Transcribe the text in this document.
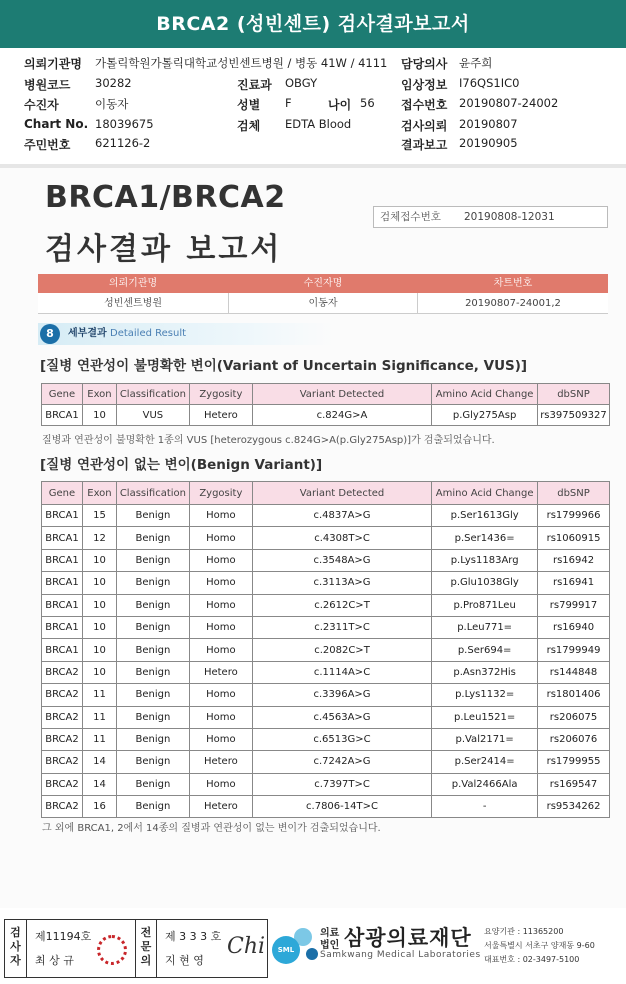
BRCA2 (성빈센트) 검사결과보고서
의뢰기관명 가톨릭학원가톨릭대학교성빈센트병원 / 병동 41W / 4111 담당의사 윤주희
병원코드 30282	진료과 OBGY	임상정보 I76QS1IC0
수진자	이동자	성별 F	나이 56 접수번호 20190807-24002
Chart No. 18039675	검체 EDTA Blood	검사의뢰 20190807
주민번호 621126-2	결과보고 20190905
BRCA1/BRCA2
검사결과 보고서
검체접수번호 20190808-12031
의뢰기관명	수진자명	차트번호
성빈센트병원	이동자	20190807-24001,2
8	세부결과 Detailed Result
[질병 연관성이 불명확한 변이(Variant of Uncertain Significance, VUS)]
Gene	Exon	Classification	Zygosity	Variant Detected	Amino Acid Change	dbSNP
BRCA1	10	VUS	Hetero	c.824G>A	p.Gly275Asp	rs397509327
질병과 연관성이 불명확한 1종의 VUS [heterozygous c.824G>A(p.Gly275Asp)]가 검출되었습니다.
[질병 연관성이 없는 변이(Benign Variant)]
Gene	Exon	Classification	Zygosity	Variant Detected	Amino Acid Change	dbSNP
BRCA1	15	Benign	Homo	c.4837A>G	p.Ser1613Gly	rs1799966
BRCA1	12	Benign	Homo	c.4308T>C	p.Ser1436=	rs1060915
BRCA1	10	Benign	Homo	c.3548A>G	p.Lys1183Arg	rs16942
BRCA1	10	Benign	Homo	c.3113A>G	p.Glu1038Gly	rs16941
BRCA1	10	Benign	Homo	c.2612C>T	p.Pro871Leu	rs799917
BRCA1	10	Benign	Homo	c.2311T>C	p.Leu771=	rs16940
BRCA1	10	Benign	Homo	c.2082C>T	p.Ser694=	rs1799949
BRCA2	10	Benign	Hetero	c.1114A>C	p.Asn372His	rs144848
BRCA2	11	Benign	Homo	c.3396A>G	p.Lys1132=	rs1801406
BRCA2	11	Benign	Homo	c.4563A>G	p.Leu1521=	rs206075
BRCA2	11	Benign	Homo	c.6513G>C	p.Val2171=	rs206076
BRCA2	14	Benign	Hetero	c.7242A>G	p.Ser2414=	rs1799955
BRCA2	14	Benign	Homo	c.7397T>C	p.Val2466Ala	rs169547
BRCA2	16	Benign	Hetero	c.7806-14T>C	-	rs9534262
그 외에 BRCA1, 2에서 14종의 질병과 연관성이 없는 변이가 검출되었습니다.
검사자
제11194호
최 상 규
전문의
제 3 3 3 호
지 현 영
Chi	SML
의료법인 삼광의료재단
Samkwang Medical Laboratories
요양기관 : 11365200
서울특별시 서초구 양재동 9-60
대표번호 : 02-3497-5100
